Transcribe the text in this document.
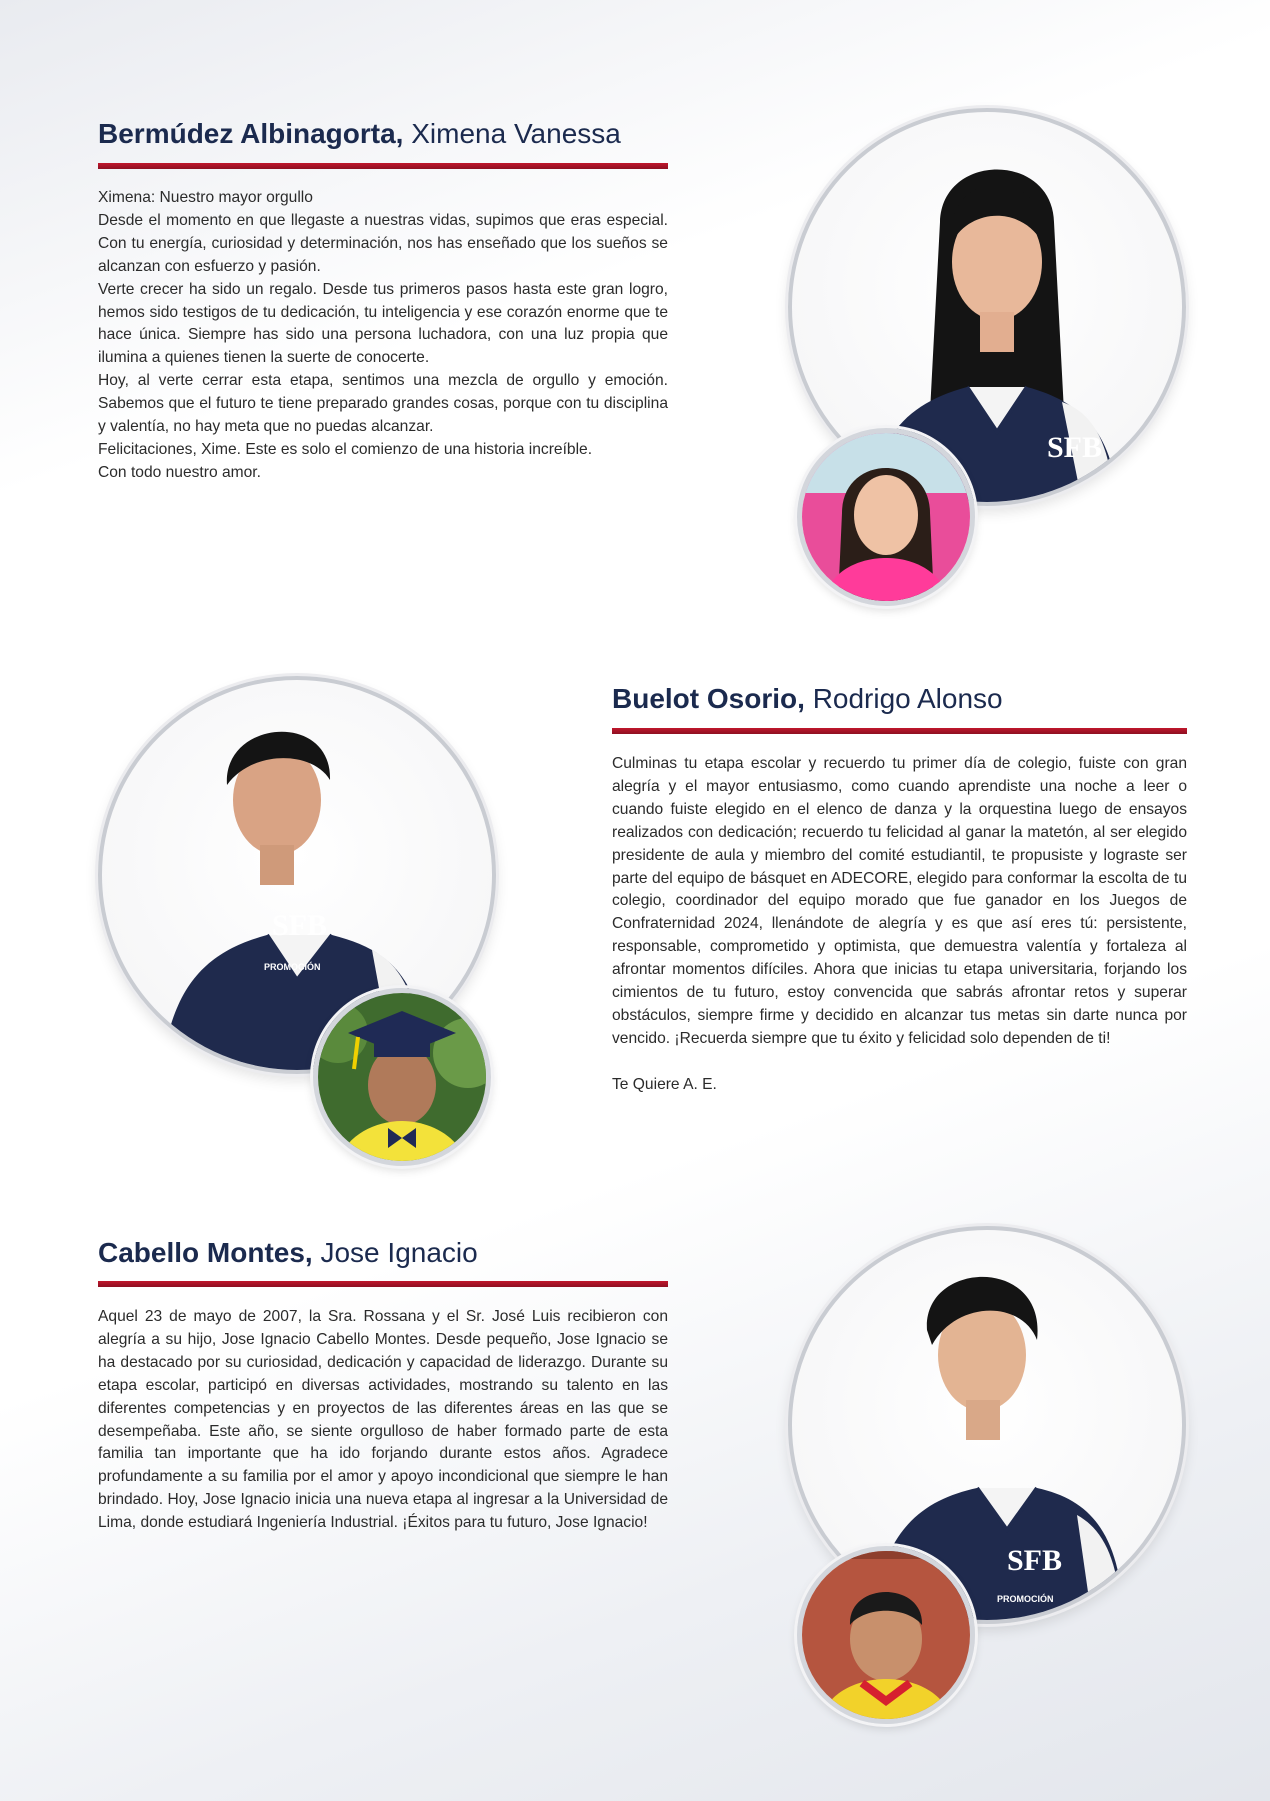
Bermúdez Albinagorta, Ximena Vanessa

Ximena: Nuestro mayor orgullo

Desde el momento en que llegaste a nuestras vidas, supimos que eras especial. Con tu energía, curiosidad y determinación, nos has enseñado que los sueños se alcanzan con esfuerzo y pasión.

Verte crecer ha sido un regalo. Desde tus primeros pasos hasta este gran logro, hemos sido testigos de tu dedicación, tu inteligencia y ese corazón enorme que te hace única. Siempre has sido una persona luchadora, con una luz propia que ilumina a quienes tienen la suerte de conocerte.

Hoy, al verte cerrar esta etapa, sentimos una mezcla de orgullo y emoción. Sabemos que el futuro te tiene preparado grandes cosas, porque con tu disciplina y valentía, no hay meta que no puedas alcanzar.

Felicitaciones, Xime. Este es solo el comienzo de una historia increíble.

Con todo nuestro amor.

SFB
SFB
PROMOCIÓN
Buelot Osorio, Rodrigo Alonso

Culminas tu etapa escolar y recuerdo tu primer día de colegio, fuiste con gran alegría y el mayor entusiasmo, como cuando aprendiste una noche a leer o cuando fuiste elegido en el elenco de danza y la orquestina luego de ensayos realizados con dedicación; recuerdo tu felicidad al ganar la matetón, al ser elegido presidente de aula y miembro del comité estudiantil, te propusiste y lograste ser parte del equipo de básquet en ADECORE, elegido para conformar la escolta de tu colegio, coordinador del equipo morado que fue ganador en los Juegos de Confraternidad 2024, llenándote de alegría y es que así eres tú: persistente, responsable, comprometido y optimista, que demuestra valentía y fortaleza al afrontar momentos difíciles. Ahora que inicias tu etapa universitaria, forjando los cimientos de tu futuro, estoy convencida que sabrás afrontar retos y superar obstáculos, siempre firme y decidido en alcanzar tus metas sin darte nunca por vencido. ¡Recuerda siempre que tu éxito y felicidad solo dependen de ti!

Te Quiere A. E.

Cabello Montes, Jose Ignacio

Aquel 23 de mayo de 2007, la Sra. Rossana y el Sr. José Luis recibieron con alegría a su hijo, Jose Ignacio Cabello Montes. Desde pequeño, Jose Ignacio se ha destacado por su curiosidad, dedicación y capacidad de liderazgo. Durante su etapa escolar, participó en diversas actividades, mostrando su talento en las diferentes competencias y en proyectos de las diferentes áreas en las que se desempeñaba. Este año, se siente orgulloso de haber formado parte de esta familia tan importante que ha ido forjando durante estos años. Agradece profundamente a su familia por el amor y apoyo incondicional que siempre le han brindado. Hoy, Jose Ignacio inicia una nueva etapa al ingresar a la Universidad de Lima, donde estudiará Ingeniería Industrial. ¡Éxitos para tu futuro, Jose Ignacio!

SFB
PROMOCIÓN
